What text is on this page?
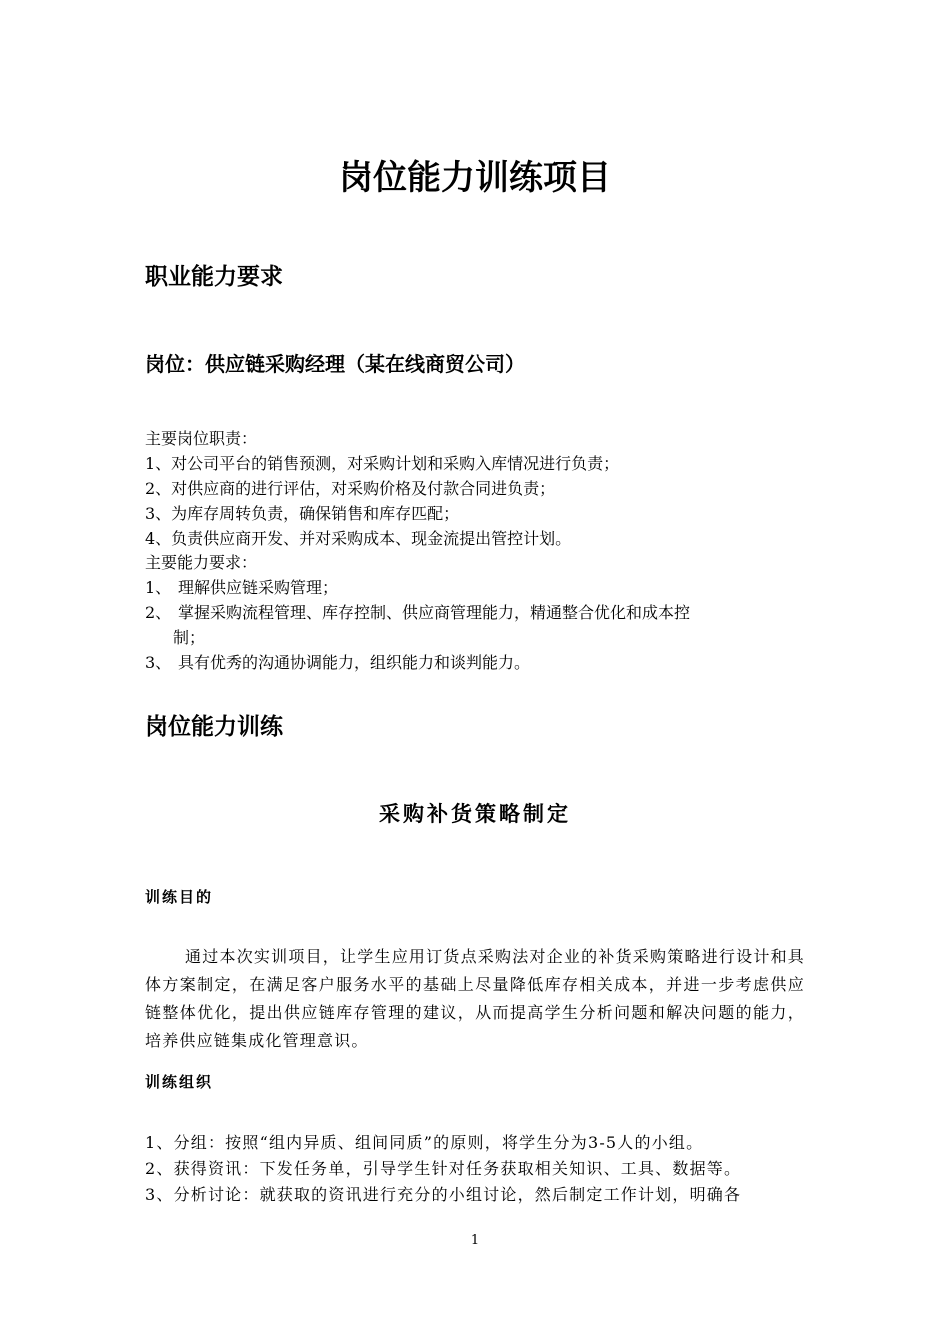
岗位能力训练项目
职业能力要求
岗位：供应链采购经理（某在线商贸公司）
主要岗位职责：
1、对公司平台的销售预测，对采购计划和采购入库情况进行负责；
2、对供应商的进行评估，对采购价格及付款合同进负责；
3、为库存周转负责，确保销售和库存匹配；
4、负责供应商开发、并对采购成本、现金流提出管控计划。
主要能力要求：
1、 理解供应链采购管理；
2、 掌握采购流程管理、库存控制、供应商管理能力，精通整合优化和成本控
制；
3、 具有优秀的沟通协调能力，组织能力和谈判能力。
岗位能力训练
采购补货策略制定
训练目的
通过本次实训项目，让学生应用订货点采购法对企业的补货采购策略进行设计和具体方案制定，在满足客户服务水平的基础上尽量降低库存相关成本，并进一步考虑供应链整体优化，提出供应链库存管理的建议，从而提高学生分析问题和解决问题的能力，培养供应链集成化管理意识。
训练组织
1、分组：按照“组内异质、组间同质”的原则，将学生分为3-5人的小组。
2、获得资讯：下发任务单，引导学生针对任务获取相关知识、工具、数据等。
3、分析讨论：就获取的资讯进行充分的小组讨论，然后制定工作计划，明确各
1
